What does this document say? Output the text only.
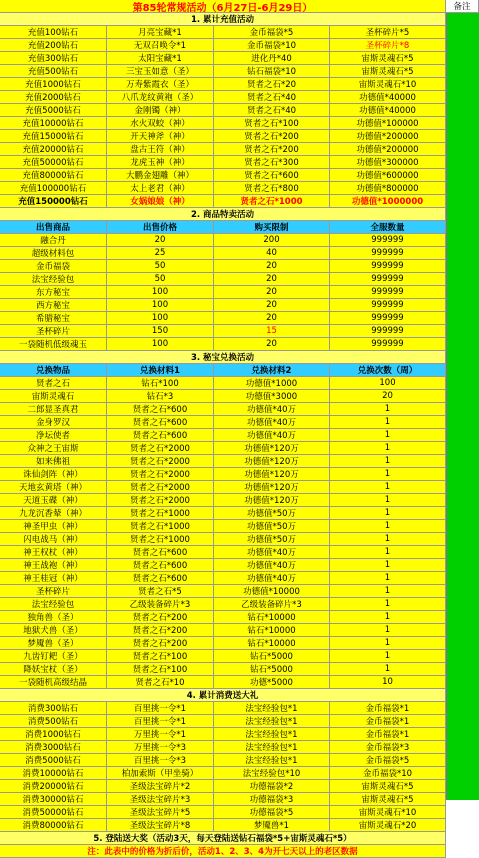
第85轮常规活动（6月27日-6月29日）	备注
1. 累计充值活动
充值100钻石	月亮宝藏*1	金币福袋*5	圣杯碎片*5
充值200钻石	无双召唤令*1	金币福袋*10	圣杯碎片*8
充值300钻石	太阳宝藏*1	进化丹*40	宙斯灵魂石*5
充值500钻石	三宝玉如意（圣）	钻石福袋*10	宙斯灵魂石*5
充值1000钻石	万寿紫霞衣（圣）	贤者之石*20	宙斯灵魂石*10
充值2000钻石	八爪龙纹黄袍（圣）	贤者之石*40	功德值*40000
充值5000钻石	金刚镯（神）	贤者之石*40	功德值*40000
充值10000钻石	水火双蛟（神）	贤者之石*100	功德值*100000
充值15000钻石	开天神斧（神）	贤者之石*200	功德值*200000
充值20000钻石	盘古王符（神）	贤者之石*200	功德值*200000
充值50000钻石	龙虎玉神（神）	贤者之石*300	功德值*300000
充值80000钻石	大鹏金翅雕（神）	贤者之石*600	功德值*600000
充值100000钻石	太上老君（神）	贤者之石*800	功德值*800000
充值150000钻石	女娲娘娘（神）	贤者之石*1000	功德值*1000000
2. 商品特卖活动
出售商品	出售价格	购买限制	全服数量
融合丹	20	200	999999
超级材料包	25	40	999999
金币福袋	50	20	999999
法宝经验包	50	20	999999
东方秘宝	100	20	999999
西方秘宝	100	20	999999
希腊秘宝	100	20	999999
圣杯碎片	150	15	999999
一袋随机低级魂玉	100	20	999999
3. 秘宝兑换活动
兑换物品	兑换材料1	兑换材料2	兑换次数（周）
贤者之石	钻石*100	功德值*1000	100
宙斯灵魂石	钻石*3	功德值*3000	20
二郎显圣真君	贤者之石*600	功德值*40万	1
金身罗汉	贤者之石*600	功德值*40万	1
净坛使者	贤者之石*600	功德值*40万	1
众神之王宙斯	贤者之石*2000	功德值*120万	1
如来佛祖	贤者之石*2000	功德值*120万	1
诛仙剑阵（神）	贤者之石*2000	功德值*120万	1
天地玄黄塔（神）	贤者之石*2000	功德值*120万	1
天道玉碟（神）	贤者之石*2000	功德值*120万	1
九龙沉香辇（神）	贤者之石*1000	功德值*50万	1
神圣甲虫（神）	贤者之石*1000	功德值*50万	1
闪电战马（神）	贤者之石*1000	功德值*50万	1
神王权杖（神）	贤者之石*600	功德值*40万	1
神王战袍（神）	贤者之石*600	功德值*40万	1
神王桂冠（神）	贤者之石*600	功德值*40万	1
圣杯碎片	贤者之石*5	功德值*10000	1
法宝经验包	乙级装备碎片*3	乙级装备碎片*3	1
独角兽（圣）	贤者之石*200	钻石*10000	1
地狱犬兽（圣）	贤者之石*200	钻石*10000	1
梦魇兽（圣）	贤者之石*200	钻石*10000	1
九齿钉耙（圣）	贤者之石*100	钻石*5000	1
降妖宝杖（圣）	贤者之石*100	钻石*5000	1
一袋随机高级结晶	贤者之石*10	功德*5000	10
4. 累计消费送大礼
消费300钻石	百里挑一令*1	法宝经验包*1	金币福袋*1
消费500钻石	百里挑一令*1	法宝经验包*1	金币福袋*1
消费1000钻石	万里挑一令*1	法宝经验包*1	金币福袋*1
消费3000钻石	万里挑一令*3	法宝经验包*1	金币福袋*3
消费5000钻石	百里挑一令*3	法宝经验包*1	金币福袋*5
消费10000钻石	柏加索斯（甲坐骑）	法宝经验包*10	金币福袋*10
消费20000钻石	圣级法宝碎片*2	功德福袋*2	宙斯灵魂石*5
消费30000钻石	圣级法宝碎片*3	功德福袋*3	宙斯灵魂石*5
消费50000钻石	圣级法宝碎片*5	功德福袋*5	宙斯灵魂石*10
消费80000钻石	圣级法宝碎片*8	梦魇兽*1	宙斯灵魂石*20
5. 登陆送大奖（活动3天，每天登陆送钻石福袋*5+宙斯灵魂石*5）
注：此表中的价格为折后价，活动1、2、3、4为开七天以上的老区数据
